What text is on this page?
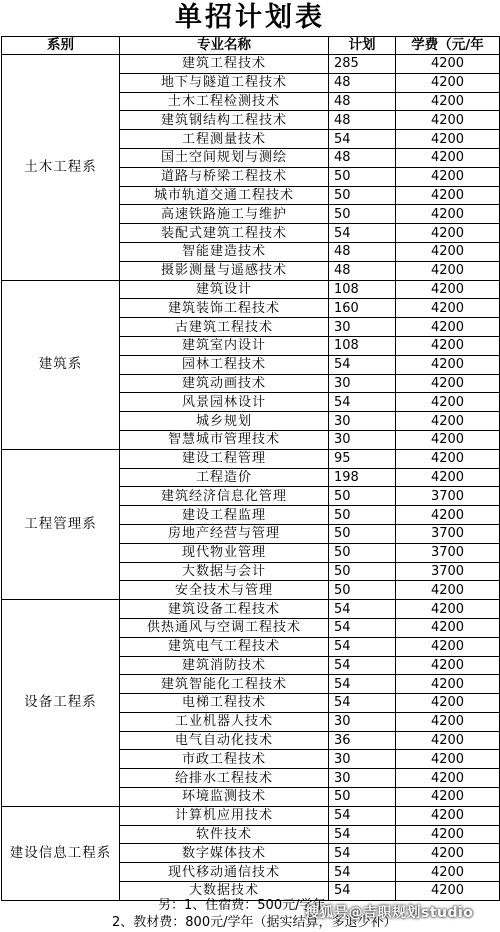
单招计划表
系别	专业名称	计划	学费（元/年
土木工程系	建筑工程技术	285	4200
	地下与隧道工程技术	48	4200
	土木工程检测技术	48	4200
	建筑钢结构工程技术	48	4200
	工程测量技术	54	4200
	国土空间规划与测绘	48	4200
	道路与桥梁工程技术	50	4200
	城市轨道交通工程技术	50	4200
	高速铁路施工与维护	50	4200
	装配式建筑工程技术	54	4200
	智能建造技术	48	4200
	摄影测量与遥感技术	48	4200
建筑系	建筑设计	108	4200
	建筑装饰工程技术	160	4200
	古建筑工程技术	30	4200
	建筑室内设计	108	4200
	园林工程技术	54	4200
	建筑动画技术	30	4200
	风景园林设计	54	4200
	城乡规划	30	4200
	智慧城市管理技术	30	4200
工程管理系	建设工程管理	95	4200
	工程造价	198	4200
	建筑经济信息化管理	50	3700
	建设工程监理	50	4200
	房地产经营与管理	50	3700
	现代物业管理	50	3700
	大数据与会计	50	3700
	安全技术与管理	50	4200
设备工程系	建筑设备工程技术	54	4200
	供热通风与空调工程技术	54	4200
	建筑电气工程技术	54	4200
	建筑消防技术	54	4200
	建筑智能化工程技术	54	4200
	电梯工程技术	54	4200
	工业机器人技术	30	4200
	电气自动化技术	36	4200
	市政工程技术	30	4200
	给排水工程技术	30	4200
	环境监测技术	50	4200
建设信息工程系	计算机应用技术	54	4200
	软件技术	54	4200
	数字媒体技术	54	4200
	现代移动通信技术	54	4200
	大数据技术	54	4200
另：1、住宿费：500元/学年
2、教材费：800元/学年（据实结算，多退少补）
搜狐号@吉职规划studio
